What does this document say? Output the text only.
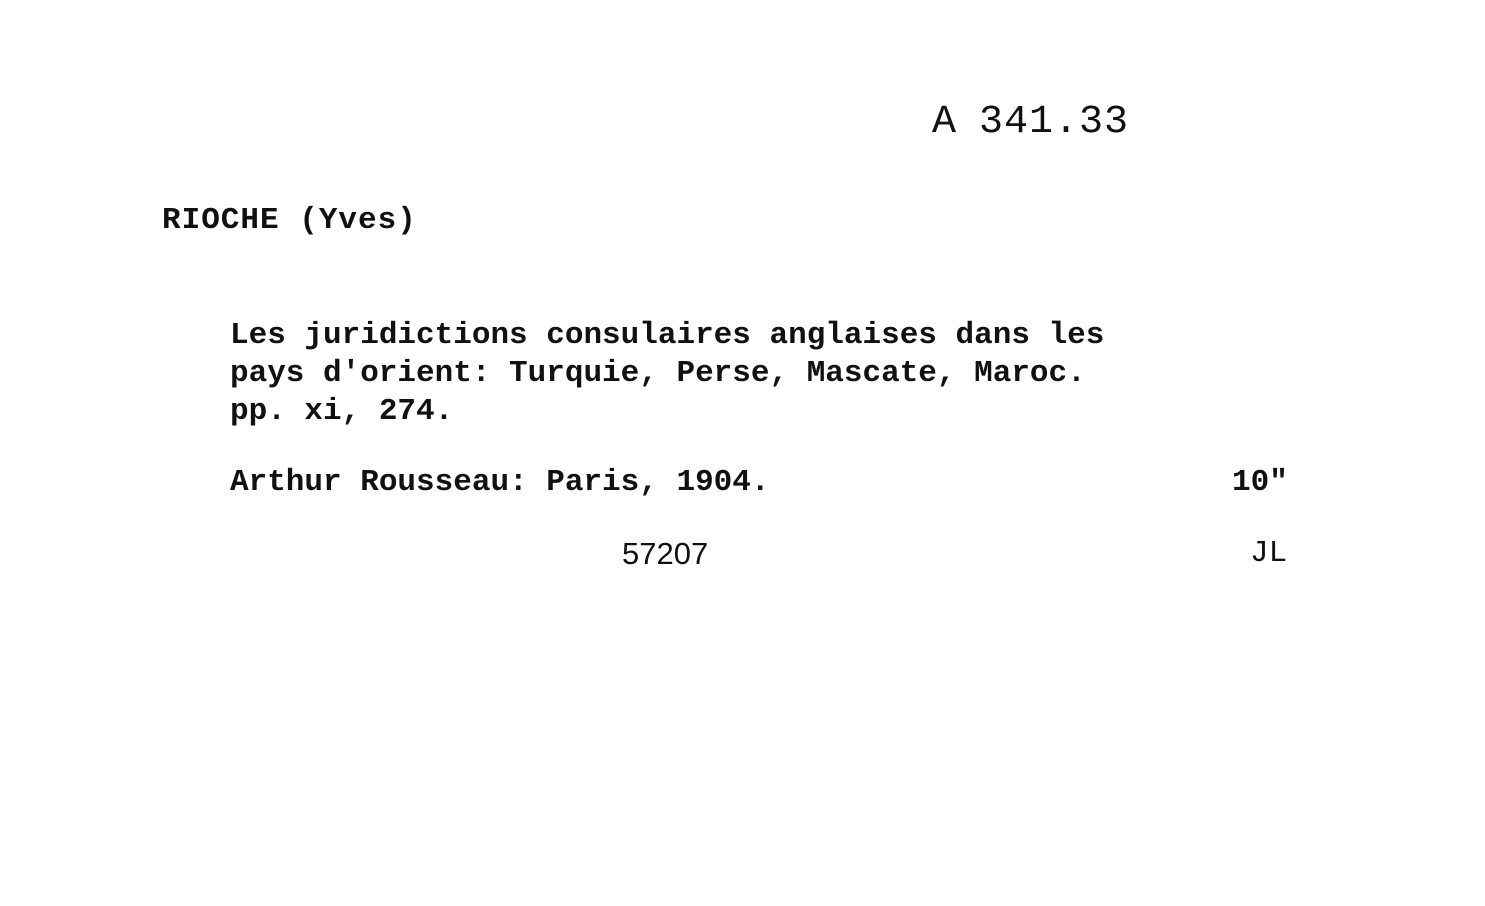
A 341.33
RIOCHE (Yves)
Les juridictions consulaires anglaises dans les
pays d'orient: Turquie, Perse, Mascate, Maroc.
pp. xi, 274.
Arthur Rousseau: Paris, 1904.	10"
57207	JL
